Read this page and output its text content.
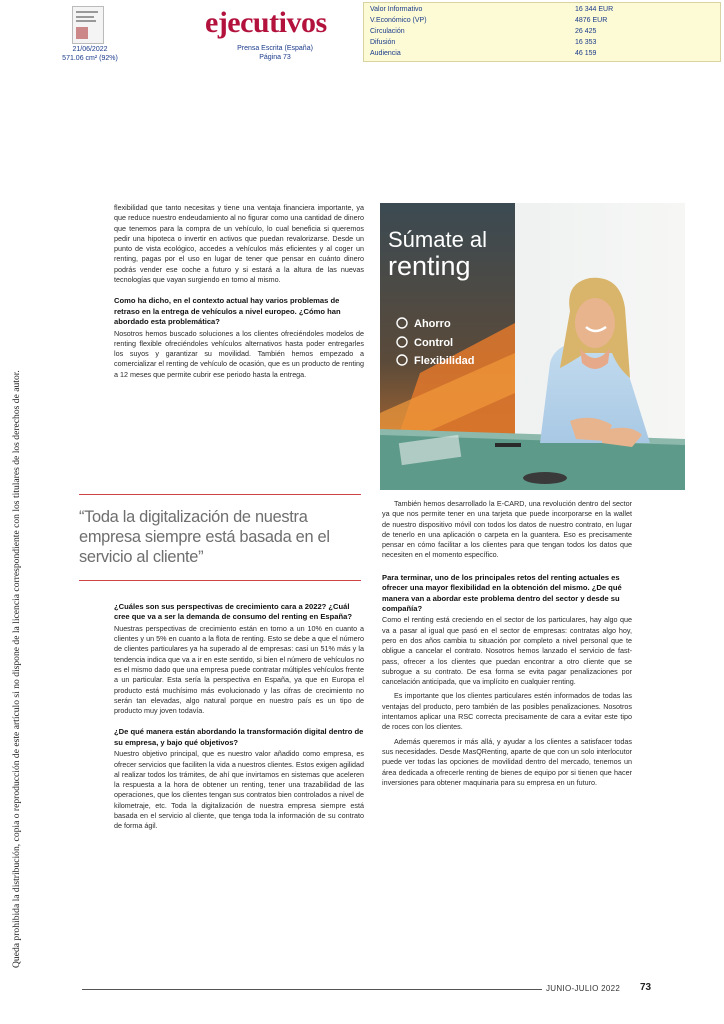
21/06/2022
571.06 cm² (92%)
ejecutivos
Prensa Escrita (España)
Página 73
Valor Informativo	16 344 EUR
V.Económico (VP)	4876 EUR
Circulación	26 425
Difusión	16 353
Audiencia	46 159
Queda prohibida la distribución, copia o reproducción de este artículo si no dispone de la licencia correspondiente con los titulares de los derechos de autor.

flexibilidad que tanto necesitas y tiene una ventaja financiera importante, ya que reduce nuestro endeudamiento al no figurar como una cantidad de dinero que tenemos para la compra de un vehículo, lo cual beneficia si queremos pedir una hipoteca o invertir en activos que puedan revalorizarse. Desde un punto de vista ecológico, accedes a vehículos más eficientes y al coger un renting, pagas por el uso en lugar de tener que pensar en cuánto dinero podrás vender ese coche a futuro y si estará a la altura de las nuevas tecnologías que vayan surgiendo en torno al mismo.

Como ha dicho, en el contexto actual hay varios problemas de retraso en la entrega de vehículos a nivel europeo. ¿Cómo han abordado esta problemática?

Nosotros hemos buscado soluciones a los clientes ofreciéndoles modelos de renting flexible ofreciéndoles vehículos alternativos hasta poder entregarles los suyos y garantizar su movilidad. También hemos empezado a comercializar el renting de vehículo de ocasión, que es un producto de renting a 12 meses que permite cubrir ese periodo hasta la entrega.

“Toda la digitalización de nuestra empresa siempre está basada en el servicio al cliente”

¿Cuáles son sus perspectivas de crecimiento cara a 2022? ¿Cuál cree que va a ser la demanda de consumo del renting en España?

Nuestras perspectivas de crecimiento están en torno a un 10% en cuanto a clientes y un 5% en cuanto a la flota de renting. Esto se debe a que el número de clientes particulares ya ha superado al de empresas: casi un 51% más y la tendencia indica que va a ir en este sentido, si bien el número de vehículos no es el mismo dado que una empresa puede contratar múltiples vehículos frente a un particular. Esta sería la perspectiva en España, ya que en Europa el producto está muchísimo más evolucionado y las cifras de crecimiento no serán tan elevadas, algo natural porque en nuestro país es un tipo de producto muy joven todavía.

¿De qué manera están abordando la transformación digital dentro de su empresa, y bajo qué objetivos?

Nuestro objetivo principal, que es nuestro valor añadido como empresa, es ofrecer servicios que faciliten la vida a nuestros clientes. Estos exigen agilidad al realizar todos los trámites, de ahí que invirtamos en sistemas que aceleren la respuesta a la hora de obtener un renting, tener una trazabilidad de las operaciones, que los clientes tengan sus contratos bien controlados a nivel de kilometraje, etc. Toda la digitalización de nuestra empresa siempre está basada en el servicio al cliente, que tenga toda la información de su contrato de forma ágil.

Súmate al
renting
Ahorro
Control
Flexibilidad

También hemos desarrollado la E-CARD, una revolución dentro del sector ya que nos permite tener en una tarjeta que puede incorporarse en la wallet de nuestro dispositivo móvil con todos los datos de nuestro contrato, en lugar de tenerlo en una aplicación o carpeta en la guantera. Eso es precisamente pensar en cómo facilitar a los clientes para que tengan todos los datos que necesiten en el momento específico.

Para terminar, uno de los principales retos del renting actuales es ofrecer una mayor flexibilidad en la obtención del mismo. ¿De qué manera van a abordar este problema dentro del sector y desde su compañía?

Como el renting está creciendo en el sector de los particulares, hay algo que va a pasar al igual que pasó en el sector de empresas: contratas algo hoy, pero en dos años cambia tu situación por completo a nivel personal que te obligue a cancelar el contrato. Nosotros hemos lanzado el servicio de fast-pass, ofrecer a los clientes que puedan encontrar a otro cliente que se subrogue a su contrato. De esa forma se evita pagar penalizaciones por cancelación anticipada, que va implícito en cualquier renting.

Es importante que los clientes particulares estén informados de todas las ventajas del producto, pero también de las posibles penalizaciones. Nosotros intentamos aplicar una RSC correcta precisamente de cara a evitar este tipo de roces con los clientes.

Además queremos ir más allá, y ayudar a los clientes a satisfacer todas sus necesidades. Desde MasQRenting, aparte de que con un solo interlocutor puede ver todas las opciones de movilidad dentro del mercado, tenemos un área dedicada a ofrecerle renting de bienes de equipo por si tienen que hacer inversiones para obtener maquinaria para su empresa en un futuro.

JUNIO-JULIO 2022 73
